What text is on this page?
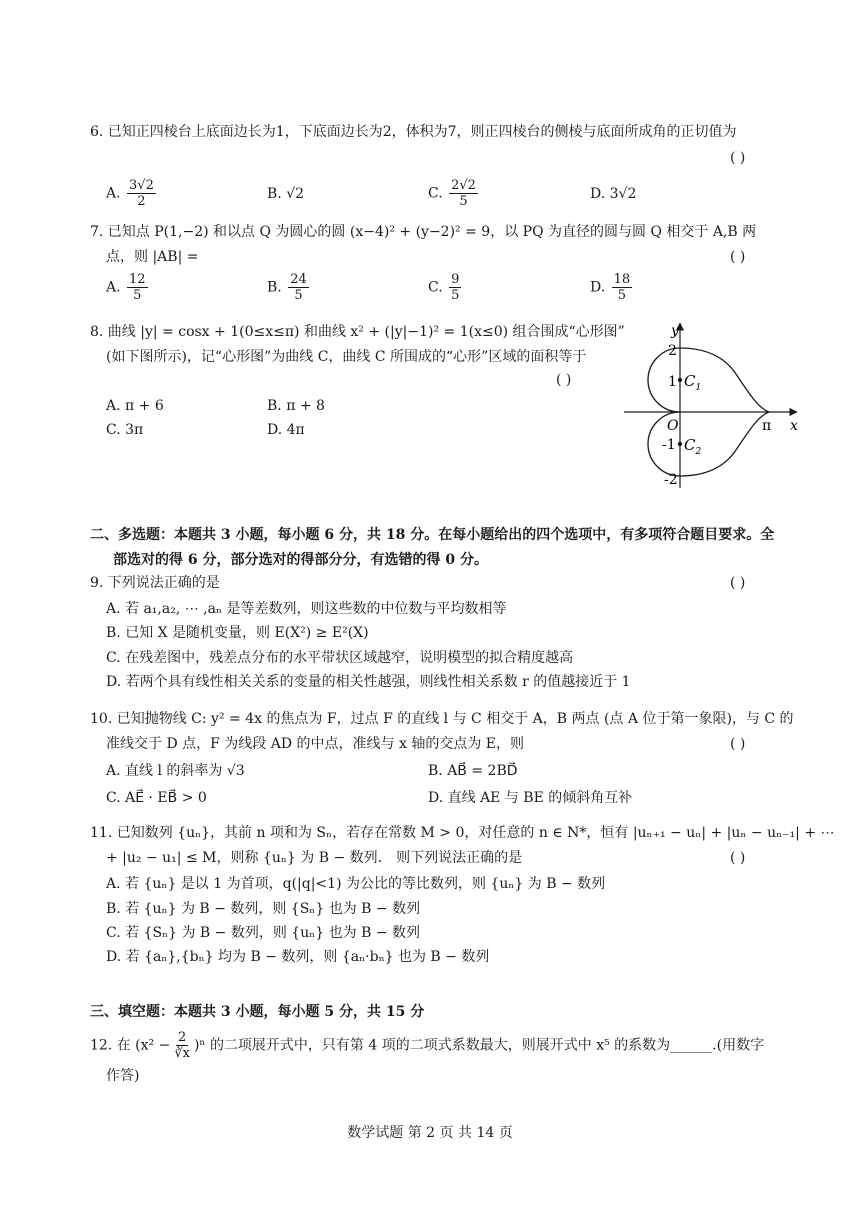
6. 已知正四棱台上底面边长为1，下底面边长为2，体积为7，则正四棱台的侧棱与底面所成角的正切值为
( )
A. $\frac{3√2}{2}$	B. √2	C. $\frac{2√2}{5}$	D. 3√2
7. 已知点 P(1,−2) 和以点 Q 为圆心的圆 (x−4)² + (y−2)² = 9，以 PQ 为直径的圆与圆 Q 相交于 A,B 两
点，则 |AB| =	( )
A. $\frac{12}{5}$	B. $\frac{24}{5}$	C. $\frac{9}{5}$	D. $\frac{18}{5}$
8. 曲线 |y| = cosx + 1(0≤x≤π) 和曲线 x² + (|y|−1)² = 1(x≤0) 组合围成“心形图”
(如下图所示)，记“心形图”为曲线 C，曲线 C 所围成的“心形”区域的面积等于
( )
A. π + 6	B. π + 8
C. 3π	D. 4π
y
x
O
2
1
-1
-2
π
$C_1$
$C_2$
二、多选题：本题共 3 小题，每小题 6 分，共 18 分。在每小题给出的四个选项中，有多项符合题目要求。全
部选对的得 6 分，部分选对的得部分分，有选错的得 0 分。
9. 下列说法正确的是	( )
A. 若 a₁,a₂, ⋯ ,aₙ 是等差数列，则这些数的中位数与平均数相等
B. 已知 X 是随机变量，则 E(X²) ≥ E²(X)
C. 在残差图中，残差点分布的水平带状区域越窄，说明模型的拟合精度越高
D. 若两个具有线性相关关系的变量的相关性越强，则线性相关系数 r 的值越接近于 1
10. 已知抛物线 C: y² = 4x 的焦点为 F，过点 F 的直线 l 与 C 相交于 A，B 两点 (点 A 位于第一象限)，与 C 的
准线交于 D 点，F 为线段 AD 的中点，准线与 x 轴的交点为 E，则	( )
A. 直线 l 的斜率为 √3	B. AB⃗ = 2BD⃗
C. AE⃗ · EB⃗ > 0	D. 直线 AE 与 BE 的倾斜角互补
11. 已知数列 {uₙ}，其前 n 项和为 Sₙ，若存在常数 M > 0，对任意的 n ∈ N*，恒有 |uₙ₊₁ − uₙ| + |uₙ − uₙ₋₁| + ⋯
+ |u₂ − u₁| ≤ M，则称 {uₙ} 为 B − 数列． 则下列说法正确的是	( )
A. 若 {uₙ} 是以 1 为首项，q(|q|<1) 为公比的等比数列，则 {uₙ} 为 B − 数列
B. 若 {uₙ} 为 B − 数列，则 {Sₙ} 也为 B − 数列
C. 若 {Sₙ} 为 B − 数列，则 {uₙ} 也为 B − 数列
D. 若 {aₙ},{bₙ} 均为 B − 数列，则 {aₙ·bₙ} 也为 B − 数列
三、填空题：本题共 3 小题，每小题 5 分，共 15 分
12. 在 $(x^2 - \frac{2}{∛x} )^n$ 的二项展开式中，只有第 4 项的二项式系数最大，则展开式中 x⁵ 的系数为______.(用数字
作答)
数学试题 第 2 页 共 14 页
